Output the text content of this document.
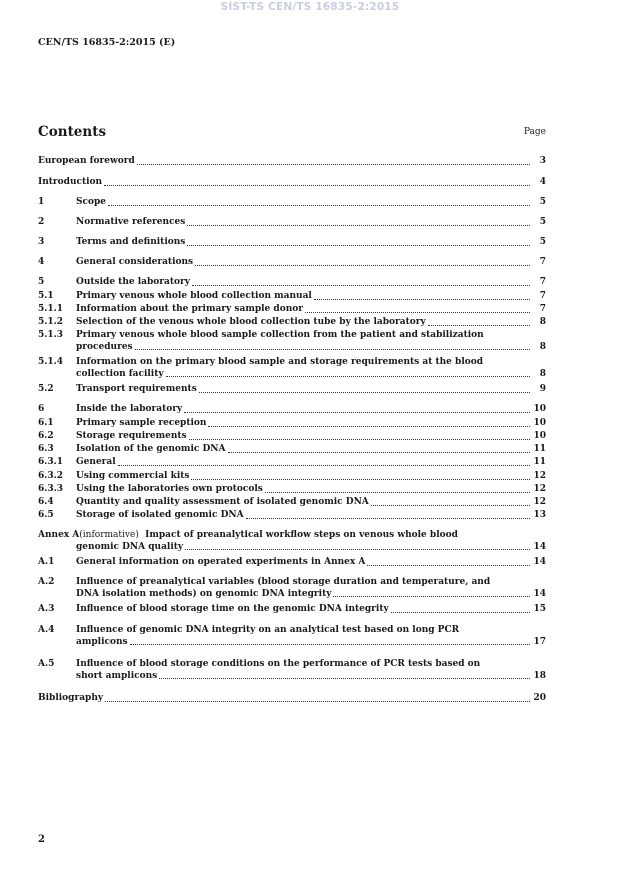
SIST-TS CEN/TS 16835-2:2015
CEN/TS 16835-2:2015 (E)
Contents	Page
European foreword	3
Introduction	4
1	Scope	5
2	Normative references	5
3	Terms and definitions	5
4	General considerations	7
5	Outside the laboratory	7
5.1	Primary venous whole blood collection manual	7
5.1.1	Information about the primary sample donor	7
5.1.2	Selection of the venous whole blood collection tube by the laboratory	8
5.1.3	Primary venous whole blood sample collection from the patient and stabilization
procedures	8
5.1.4	Information on the primary blood sample and storage requirements at the blood
collection facility	8
5.2	Transport requirements	9
6	Inside the laboratory	10
6.1	Primary sample reception	10
6.2	Storage requirements	10
6.3	Isolation of the genomic DNA	11
6.3.1	General	11
6.3.2	Using commercial kits	12
6.3.3	Using the laboratories own protocols	12
6.4	Quantity and quality assessment of isolated genomic DNA	12
6.5	Storage of isolated genomic DNA	13
Annex A (informative) Impact of preanalytical workflow steps on venous whole blood
genomic DNA quality	14
A.1	General information on operated experiments in Annex A	14
A.2	Influence of preanalytical variables (blood storage duration and temperature, and
DNA isolation methods) on genomic DNA integrity	14
A.3	Influence of blood storage time on the genomic DNA integrity	15
A.4	Influence of genomic DNA integrity on an analytical test based on long PCR
amplicons	17
A.5	Influence of blood storage conditions on the performance of PCR tests based on
short amplicons	18
Bibliography	20
2
